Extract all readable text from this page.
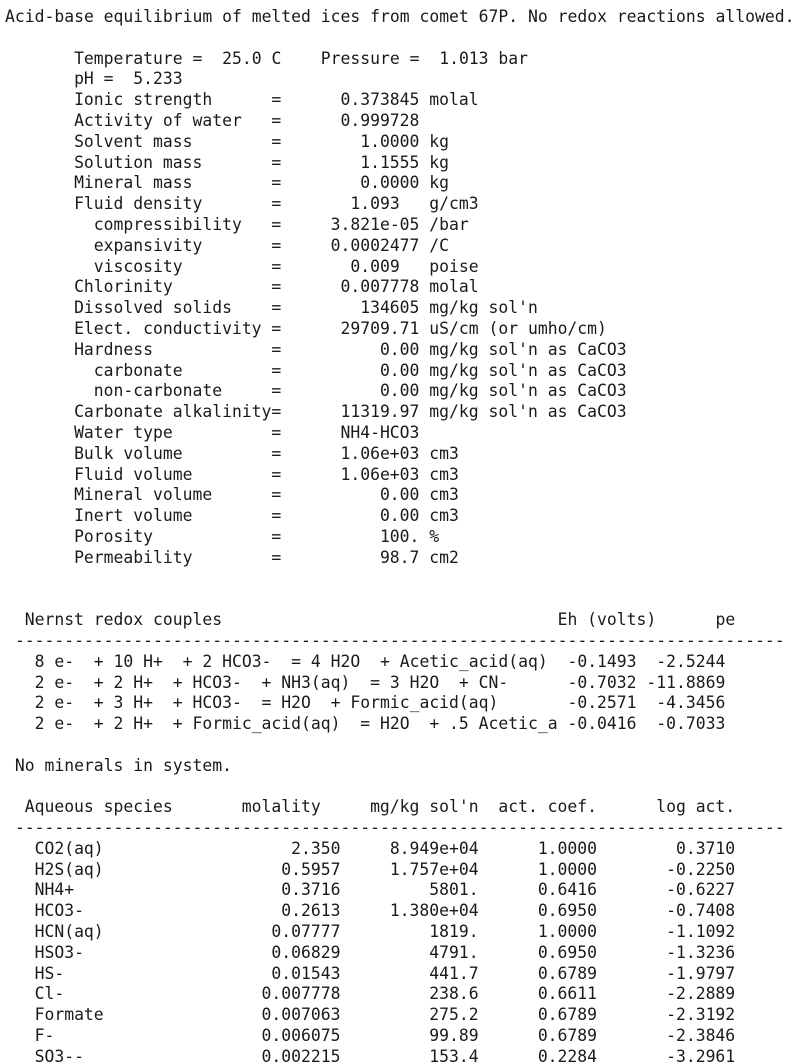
Acid-base equilibrium of melted ices from comet 67P. No redox reactions allowed.
Temperature = 25.0 C Pressure = 1.013 bar
pH = 5.233
Ionic strength	=	0.373845 molal
Activity of water	=	0.999728
Solvent mass	=	1.0000 kg
Solution mass	=	1.1555 kg
Mineral mass	=	0.0000 kg
Fluid density	=	1.093 g/cm3
compressibility	=	3.821e-05 /bar
expansivity	=	0.0002477 /C
viscosity	=	0.009 poise
Chlorinity	=	0.007778 molal
Dissolved solids	=	134605 mg/kg sol'n
Elect. conductivity =	29709.71 uS/cm (or umho/cm)
Hardness	=	0.00 mg/kg sol'n as CaCO3
carbonate	=	0.00 mg/kg sol'n as CaCO3
non-carbonate	=	0.00 mg/kg sol'n as CaCO3
Carbonate alkalinity =	11319.97 mg/kg sol'n as CaCO3
Water type	=	NH4-HCO3
Bulk volume	=	1.06e+03 cm3
Fluid volume	=	1.06e+03 cm3
Mineral volume	=	0.00 cm3
Inert volume	=	0.00 cm3
Porosity	=	100. %
Permeability	=	98.7 cm2
Nernst redox couples	Eh (volts)	pe
------------------------------------------------------------------------------
8 e-  + 10 H+  + 2 HCO3-  = 4 H2O  + Acetic_acid(aq)	-0.1493	-2.5244
2 e-  + 2 H+  + HCO3-  + NH3(aq)  = 3 H2O  + CN-	-0.7032 -11.8869
2 e-  + 3 H+  + HCO3-  = H2O  + Formic_acid(aq)	-0.2571	-4.3456
2 e-  + 2 H+  + Formic_acid(aq)  = H2O  + .5 Acetic_a -0.0416	-0.7033
No minerals in system.
Aqueous species	molality	mg/kg sol'n	act. coef.	log act.
------------------------------------------------------------------------------
CO2(aq)	2.350	8.949e+04	1.0000	0.3710
H2S(aq)	0.5957	1.757e+04	1.0000	-0.2250
NH4+	0.3716	5801.	0.6416	-0.6227
HCO3-	0.2613	1.380e+04	0.6950	-0.7408
HCN(aq)	0.07777	1819.	1.0000	-1.1092
HSO3-	0.06829	4791.	0.6950	-1.3236
HS-	0.01543	441.7	0.6789	-1.9797
Cl-	0.007778	238.6	0.6611	-2.2889
Formate	0.007063	275.2	0.6789	-2.3192
F-	0.006075	99.89	0.6789	-2.3846
SO3--	0.002215	153.4	0.2284	-3.2961
